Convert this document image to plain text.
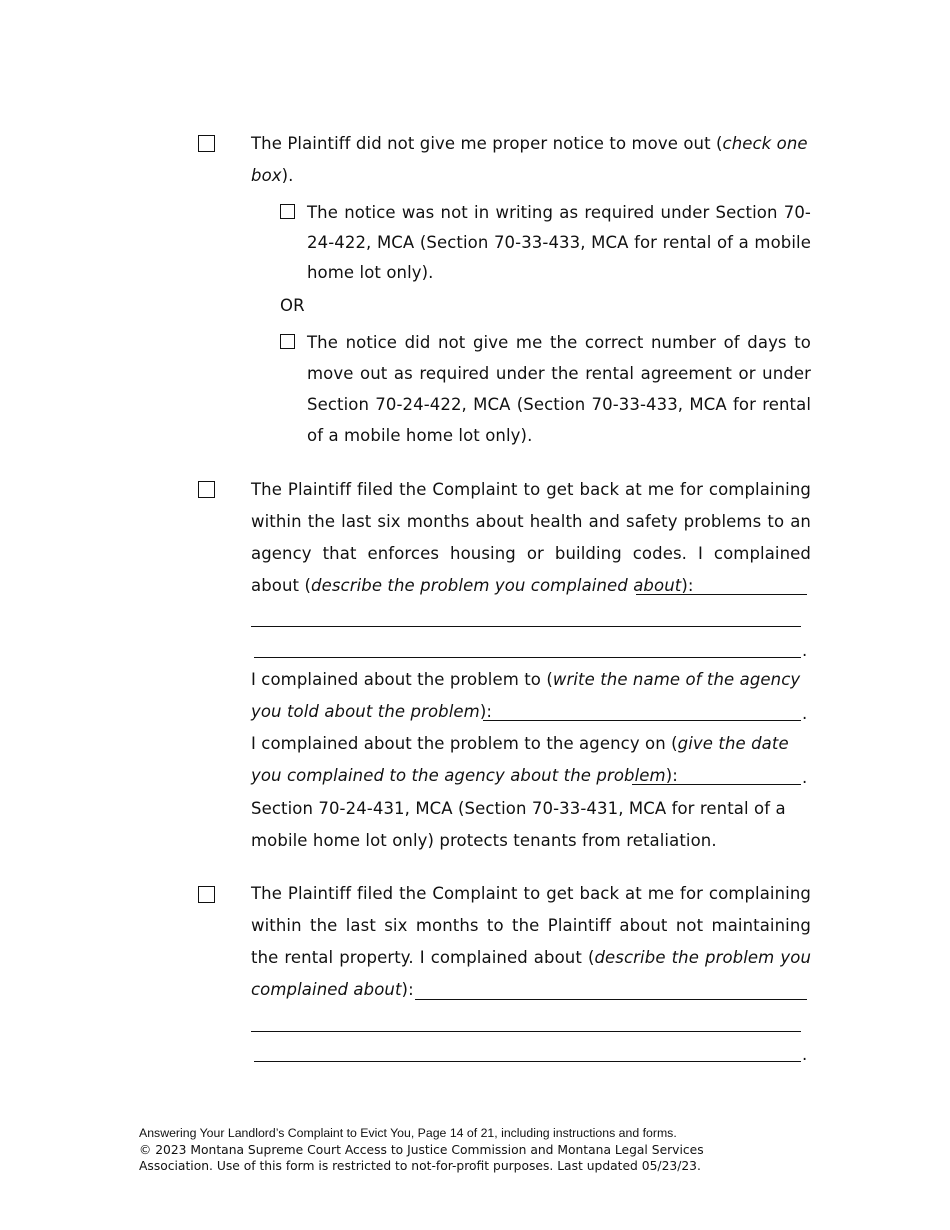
The Plaintiff did not give me proper notice to move out (check one box).
The notice was not in writing as required under Section 70-24-422, MCA (Section 70-33-433, MCA for rental of a mobile home lot only).
OR
The notice did not give me the correct number of days to move out as required under the rental agreement or under Section 70-24-422, MCA (Section 70-33-433, MCA for rental of a mobile home lot only).
The Plaintiff filed the Complaint to get back at me for complaining within the last six months about health and safety problems to an agency that enforces housing or building codes. I complained about (describe the problem you complained about):
.
I complained about the problem to (write the name of the agency you told about the problem):	.
I complained about the problem to the agency on (give the date you complained to the agency about the problem):	.
Section 70-24-431, MCA (Section 70-33-431, MCA for rental of a mobile home lot only) protects tenants from retaliation.
The Plaintiff filed the Complaint to get back at me for complaining within the last six months to the Plaintiff about not maintaining the rental property. I complained about (describe the problem you complained about):
.
Answering Your Landlord’s Complaint to Evict You, Page 14 of 21, including instructions and forms.
© 2023 Montana Supreme Court Access to Justice Commission and Montana Legal Services Association. Use of this form is restricted to not-for-profit purposes. Last updated 05/23/23.
